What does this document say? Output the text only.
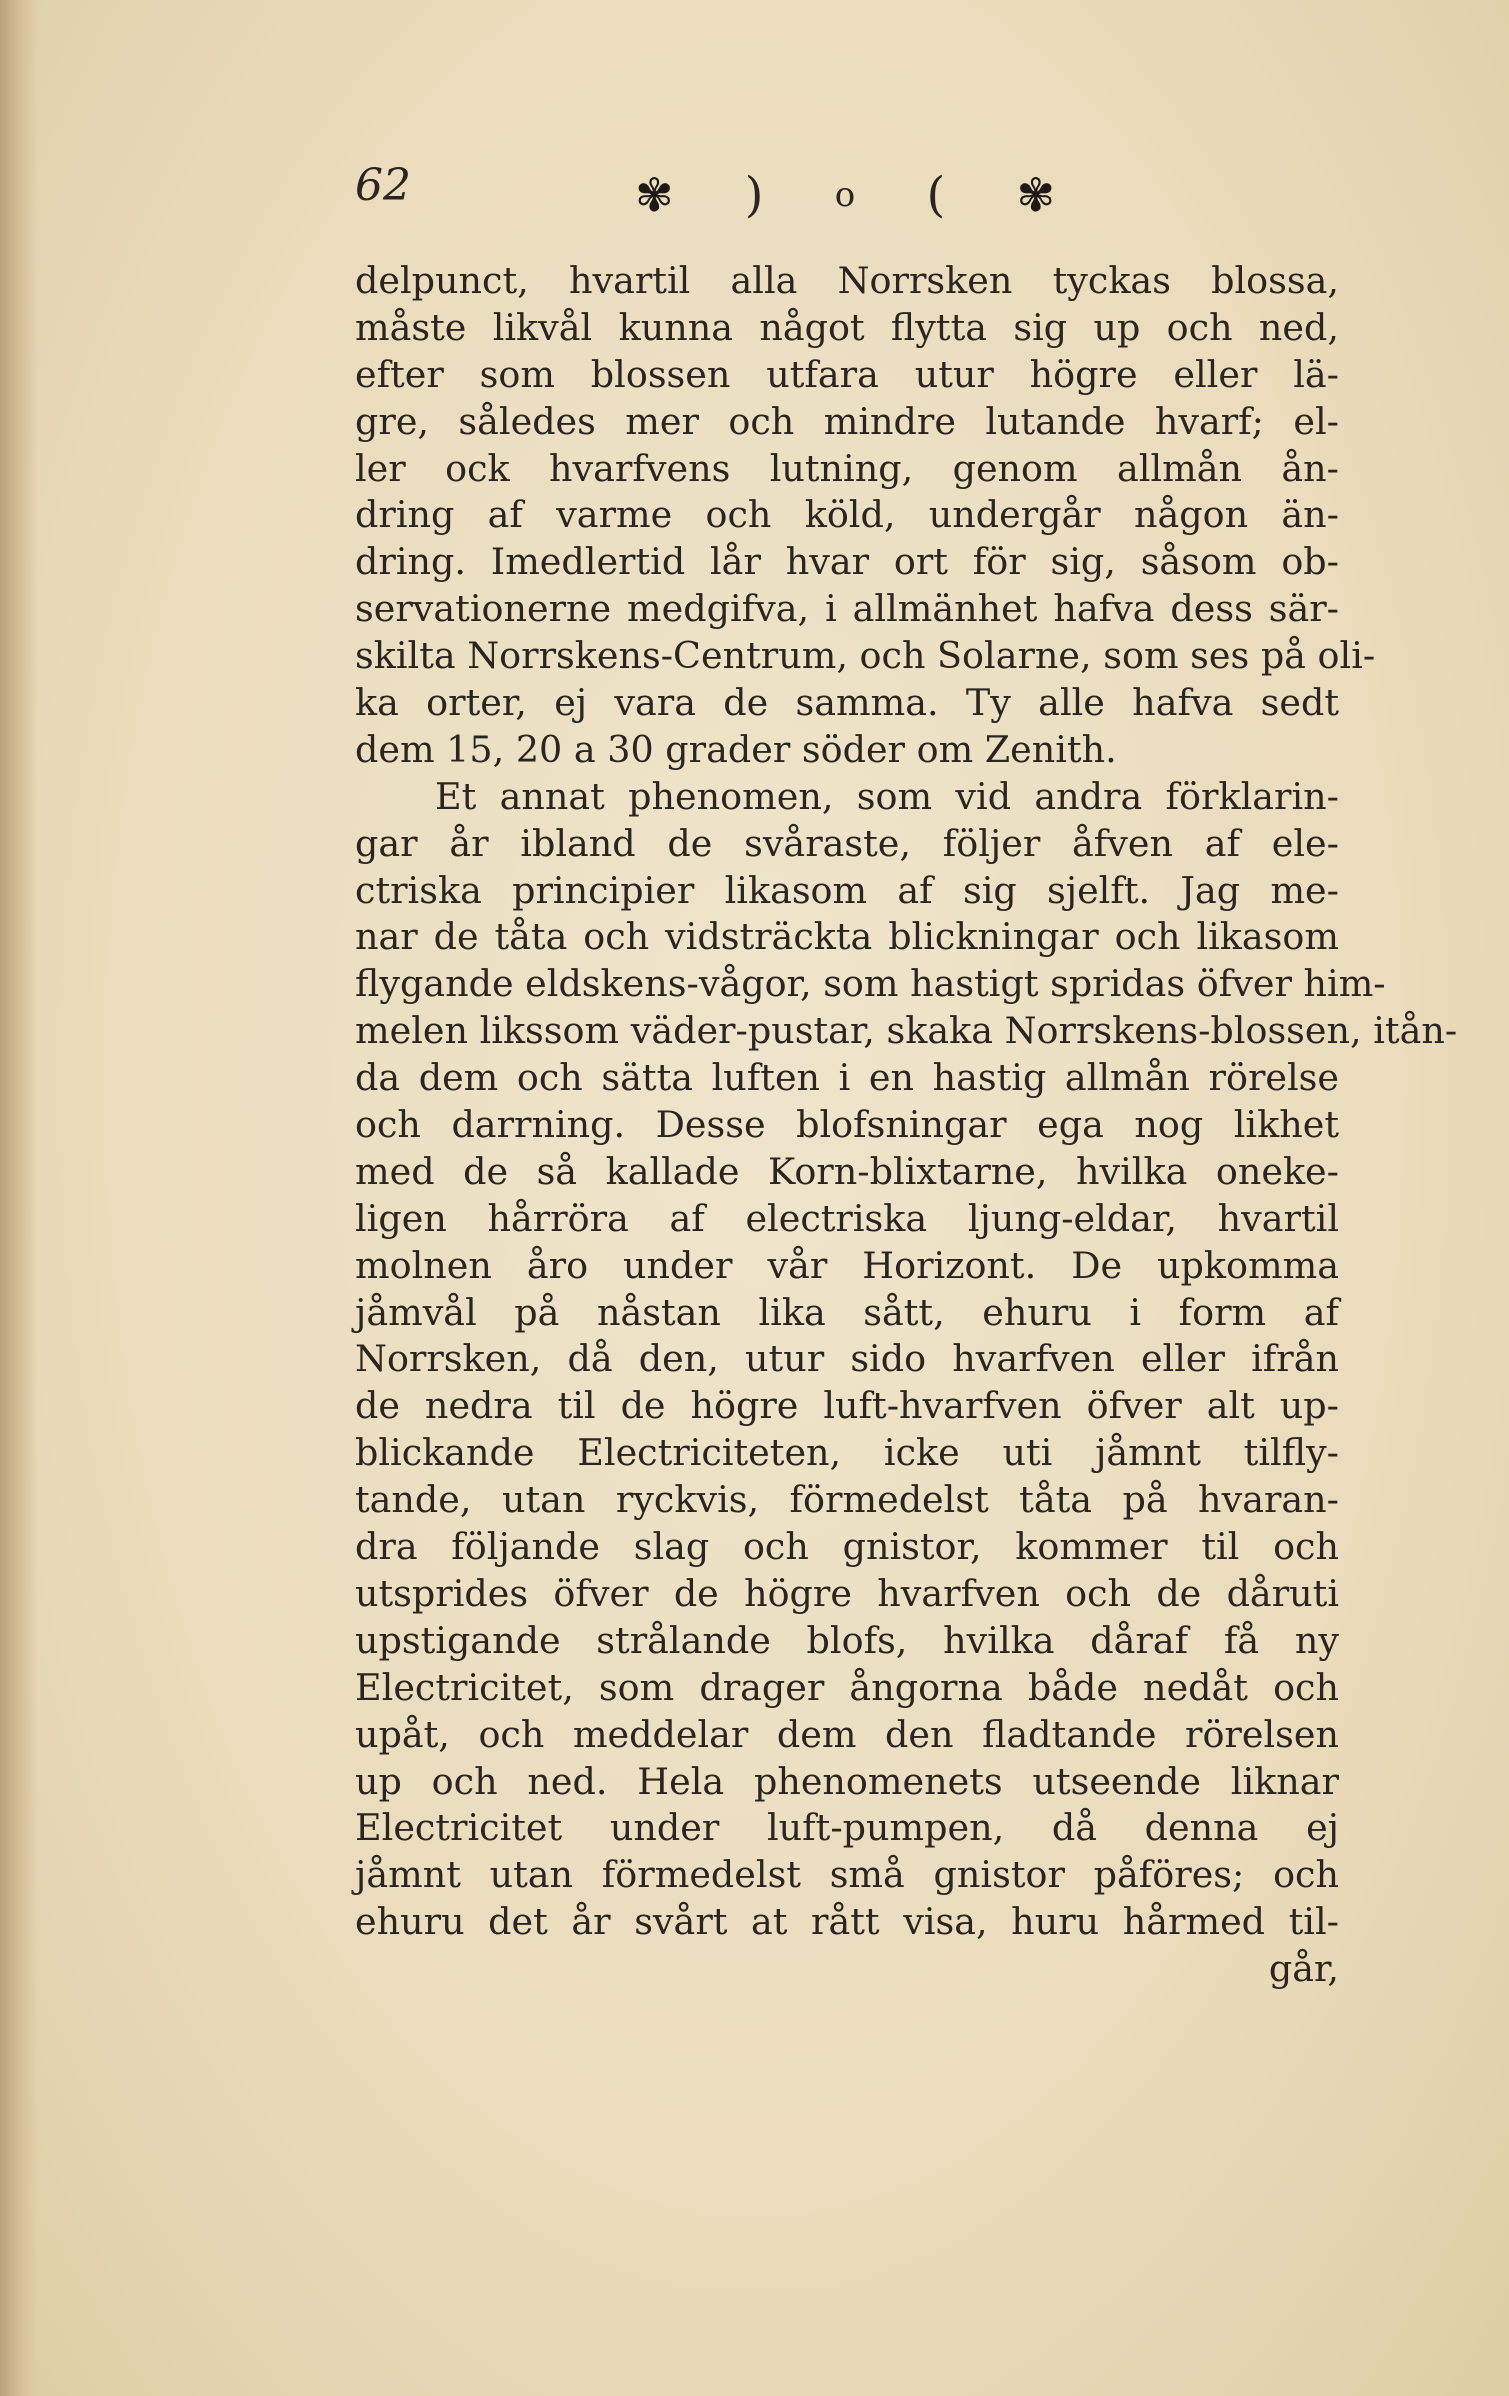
62	✾ ) o ( ✾
delpunct, hvartil alla Norrsken tyckas blossa,
måste likvål kunna något flytta sig up och ned,
efter som blossen utfara utur högre eller lä-
gre, således mer och mindre lutande hvarf; el-
ler ock hvarfvens lutning, genom allmån ån-
dring af varme och köld, undergår någon än-
dring. Imedlertid lår hvar ort för sig, såsom ob-
servationerne medgifva, i allmänhet hafva dess sär-
skilta Norrskens-Centrum, och Solarne, som ses på oli-
ka orter, ej vara de samma. Ty alle hafva sedt
dem 15, 20 a 30 grader söder om Zenith.
Et annat phenomen, som vid andra förklarin-
gar år ibland de svåraste, följer åfven af ele-
ctriska principier likasom af sig sjelft. Jag me-
nar de tåta och vidsträckta blickningar och likasom
flygande eldskens-vågor, som hastigt spridas öfver him-
melen likssom väder-pustar, skaka Norrskens-blossen, itån-
da dem och sätta luften i en hastig allmån rörelse
och darrning. Desse blofsningar ega nog likhet
med de så kallade Korn-blixtarne, hvilka oneke-
ligen hårröra af electriska ljung-eldar, hvartil
molnen åro under vår Horizont. De upkomma
jåmvål på nåstan lika sått, ehuru i form af
Norrsken, då den, utur sido hvarfven eller ifrån
de nedra til de högre luft-hvarfven öfver alt up-
blickande Electriciteten, icke uti jåmnt tilfly-
tande, utan ryckvis, förmedelst tåta på hvaran-
dra följande slag och gnistor, kommer til och
utsprides öfver de högre hvarfven och de dåruti
upstigande strålande blofs, hvilka dåraf få ny
Electricitet, som drager ångorna både nedåt och
upåt, och meddelar dem den fladtande rörelsen
up och ned. Hela phenomenets utseende liknar
Electricitet under luft-pumpen, då denna ej
jåmnt utan förmedelst små gnistor påföres; och
ehuru det år svårt at rått visa, huru hårmed til-
går,
